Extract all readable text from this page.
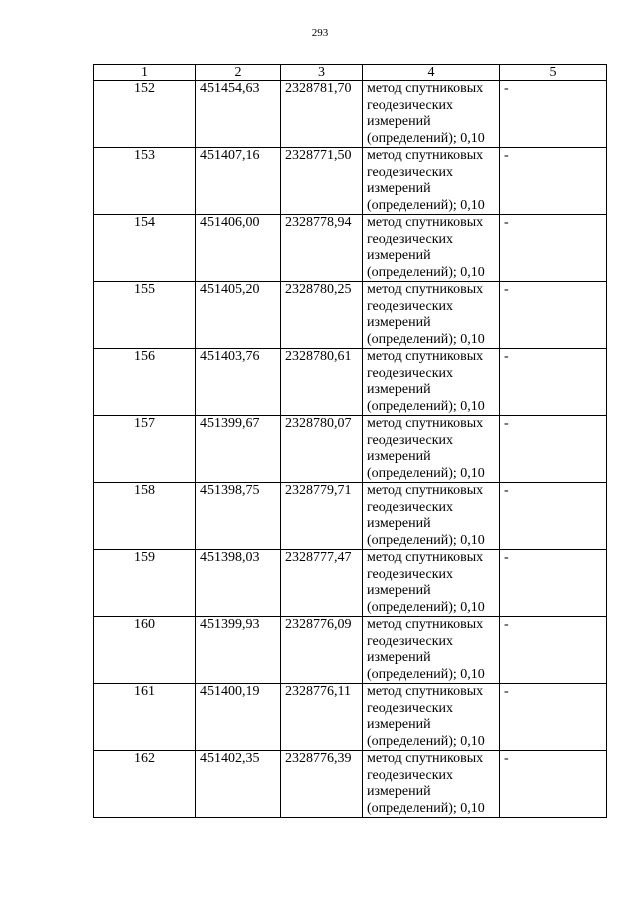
293
1	2	3	4	5
152	451454,63	2328781,70	метод спутниковых
геодезических
измерений
(определений); 0,10	-
153	451407,16	2328771,50	метод спутниковых
геодезических
измерений
(определений); 0,10	-
154	451406,00	2328778,94	метод спутниковых
геодезических
измерений
(определений); 0,10	-
155	451405,20	2328780,25	метод спутниковых
геодезических
измерений
(определений); 0,10	-
156	451403,76	2328780,61	метод спутниковых
геодезических
измерений
(определений); 0,10	-
157	451399,67	2328780,07	метод спутниковых
геодезических
измерений
(определений); 0,10	-
158	451398,75	2328779,71	метод спутниковых
геодезических
измерений
(определений); 0,10	-
159	451398,03	2328777,47	метод спутниковых
геодезических
измерений
(определений); 0,10	-
160	451399,93	2328776,09	метод спутниковых
геодезических
измерений
(определений); 0,10	-
161	451400,19	2328776,11	метод спутниковых
геодезических
измерений
(определений); 0,10	-
162	451402,35	2328776,39	метод спутниковых
геодезических
измерений
(определений); 0,10	-
